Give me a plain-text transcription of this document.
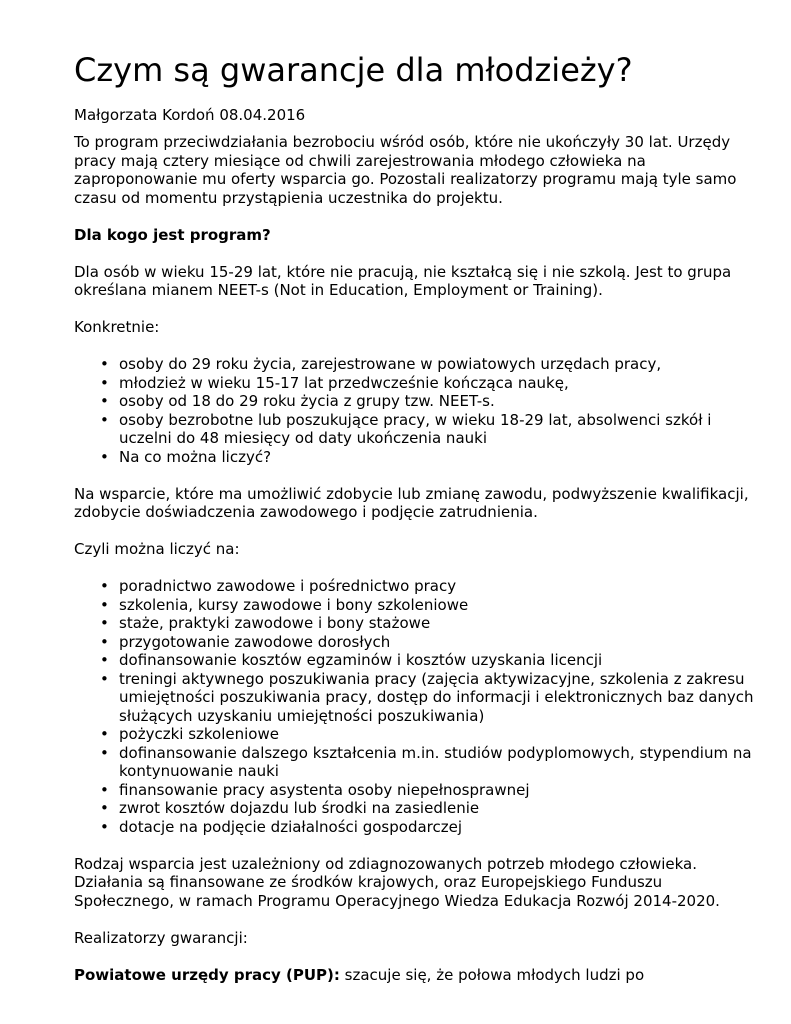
Czym są gwarancje dla młodzieży?
Małgorzata Kordoń 08.04.2016

To program przeciwdziałania bezrobociu wśród osób, które nie ukończyły 30 lat. Urzędy pracy mają cztery miesiące od chwili zarejestrowania młodego człowieka na zaproponowanie mu oferty wsparcia go. Pozostali realizatorzy programu mają tyle samo czasu od momentu przystąpienia uczestnika do projektu.

Dla kogo jest program?

Dla osób w wieku 15-29 lat, które nie pracują, nie kształcą się i nie szkolą. Jest to grupa określana mianem NEET-s (Not in Education, Employment or Training).

Konkretnie:

• osoby do 29 roku życia, zarejestrowane w powiatowych urzędach pracy,
• młodzież w wieku 15-17 lat przedwcześnie kończąca naukę,
• osoby od 18 do 29 roku życia z grupy tzw. NEET-s.
• osoby bezrobotne lub poszukujące pracy, w wieku 18-29 lat, absolwenci szkół i uczelni do 48 miesięcy od daty ukończenia nauki
• Na co można liczyć?

Na wsparcie, które ma umożliwić zdobycie lub zmianę zawodu, podwyższenie kwalifikacji, zdobycie doświadczenia zawodowego i podjęcie zatrudnienia.

Czyli można liczyć na:

• poradnictwo zawodowe i pośrednictwo pracy
• szkolenia, kursy zawodowe i bony szkoleniowe
• staże, praktyki zawodowe i bony stażowe
• przygotowanie zawodowe dorosłych
• dofinansowanie kosztów egzaminów i kosztów uzyskania licencji
• treningi aktywnego poszukiwania pracy (zajęcia aktywizacyjne, szkolenia z zakresu umiejętności poszukiwania pracy, dostęp do informacji i elektronicznych baz danych służących uzyskaniu umiejętności poszukiwania)
• pożyczki szkoleniowe
• dofinansowanie dalszego kształcenia m.in. studiów podyplomowych, stypendium na kontynuowanie nauki
• finansowanie pracy asystenta osoby niepełnosprawnej
• zwrot kosztów dojazdu lub środki na zasiedlenie
• dotacje na podjęcie działalności gospodarczej

Rodzaj wsparcia jest uzależniony od zdiagnozowanych potrzeb młodego człowieka. Działania są finansowane ze środków krajowych, oraz Europejskiego Funduszu Społecznego, w ramach Programu Operacyjnego Wiedza Edukacja Rozwój 2014-2020.

Realizatorzy gwarancji:

Powiatowe urzędy pracy (PUP): szacuje się, że połowa młodych ludzi po
